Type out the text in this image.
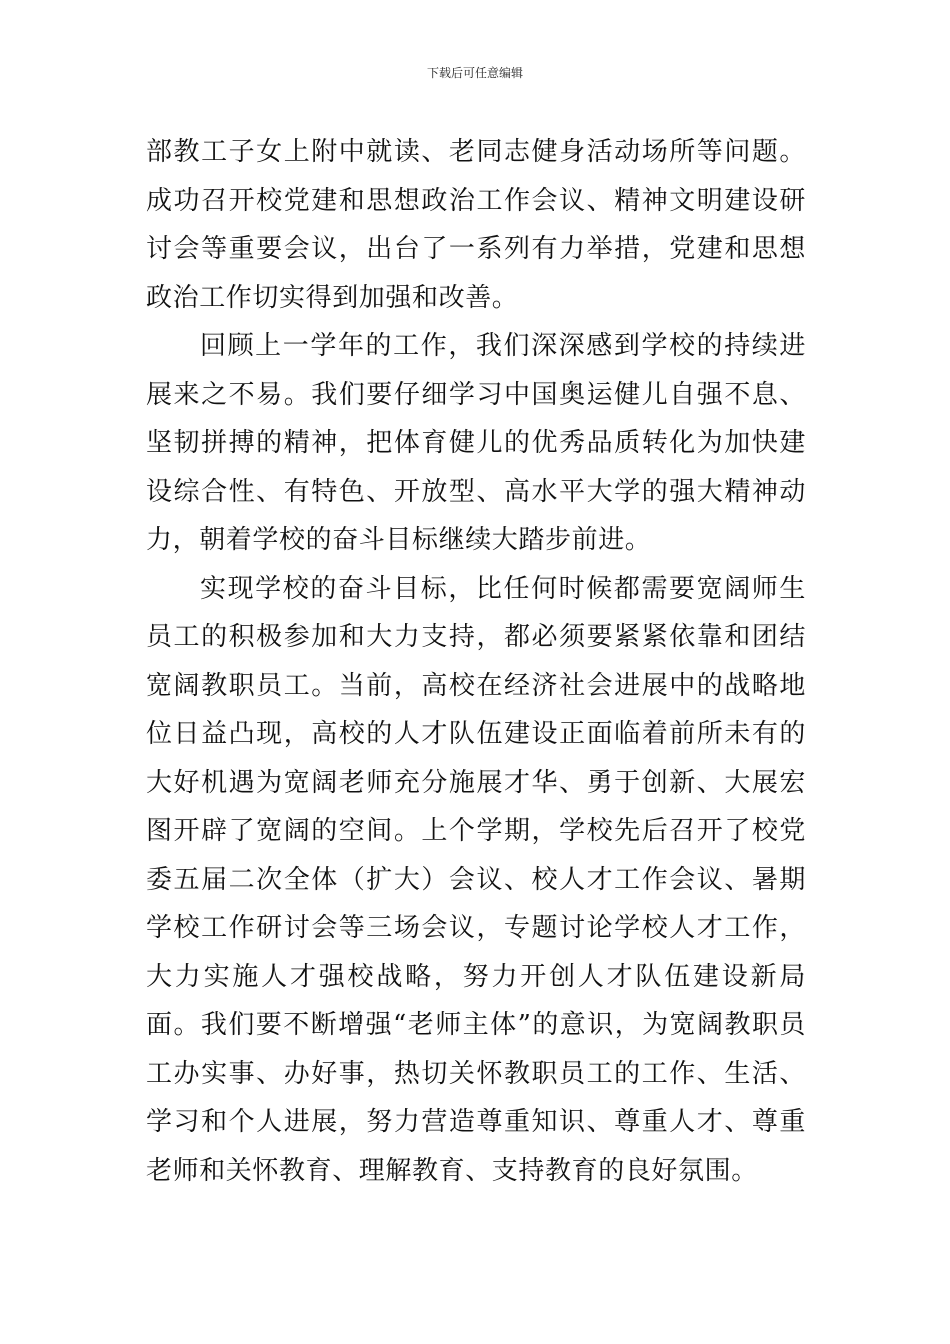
下载后可任意编辑

部教工子女上附中就读、老同志健身活动场所等问题。成功召开校党建和思想政治工作会议、精神文明建设研讨会等重要会议，出台了一系列有力举措，党建和思想政治工作切实得到加强和改善。

回顾上一学年的工作，我们深深感到学校的持续进展来之不易。我们要仔细学习中国奥运健儿自强不息、坚韧拼搏的精神，把体育健儿的优秀品质转化为加快建设综合性、有特色、开放型、高水平大学的强大精神动力，朝着学校的奋斗目标继续大踏步前进。

实现学校的奋斗目标，比任何时候都需要宽阔师生员工的积极参加和大力支持，都必须要紧紧依靠和团结宽阔教职员工。当前，高校在经济社会进展中的战略地位日益凸现，高校的人才队伍建设正面临着前所未有的大好机遇为宽阔老师充分施展才华、勇于创新、大展宏图开辟了宽阔的空间。上个学期，学校先后召开了校党委五届二次全体（扩大）会议、校人才工作会议、暑期学校工作研讨会等三场会议，专题讨论学校人才工作，大力实施人才强校战略，努力开创人才队伍建设新局面。我们要不断增强“老师主体”的意识，为宽阔教职员工办实事、办好事，热切关怀教职员工的工作、生活、学习和个人进展，努力营造尊重知识、尊重人才、尊重老师和关怀教育、理解教育、支持教育的良好氛围。
